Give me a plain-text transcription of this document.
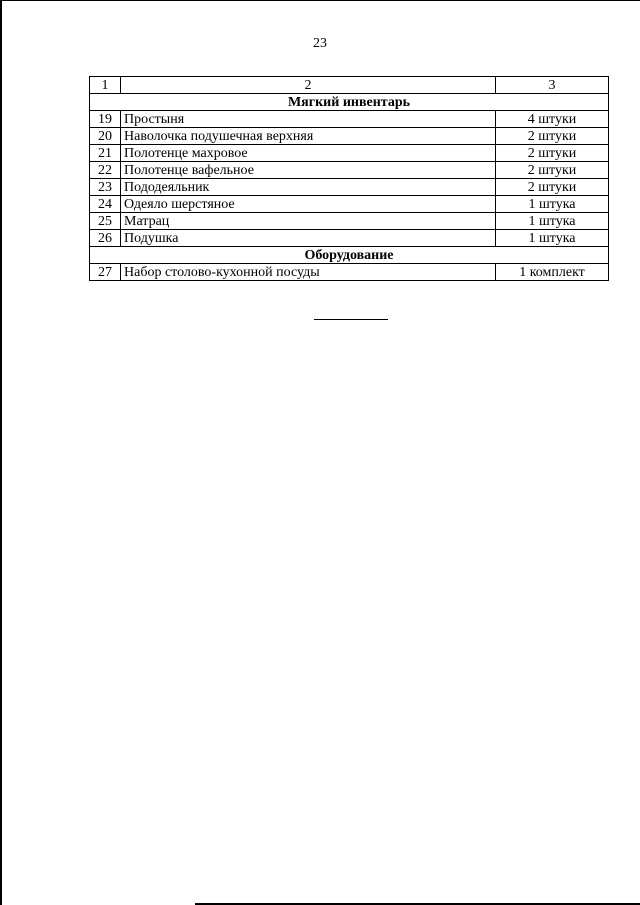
23
1	2	3
Мягкий инвентарь		
19	Простыня	4 штуки
20	Наволочка подушечная верхняя	2 штуки
21	Полотенце махровое	2 штуки
22	Полотенце вафельное	2 штуки
23	Пододеяльник	2 штуки
24	Одеяло шерстяное	1 штука
25	Матрац	1 штука
26	Подушка	1 штука
Оборудование		
27	Набор столово-кухонной посуды	1 комплект
